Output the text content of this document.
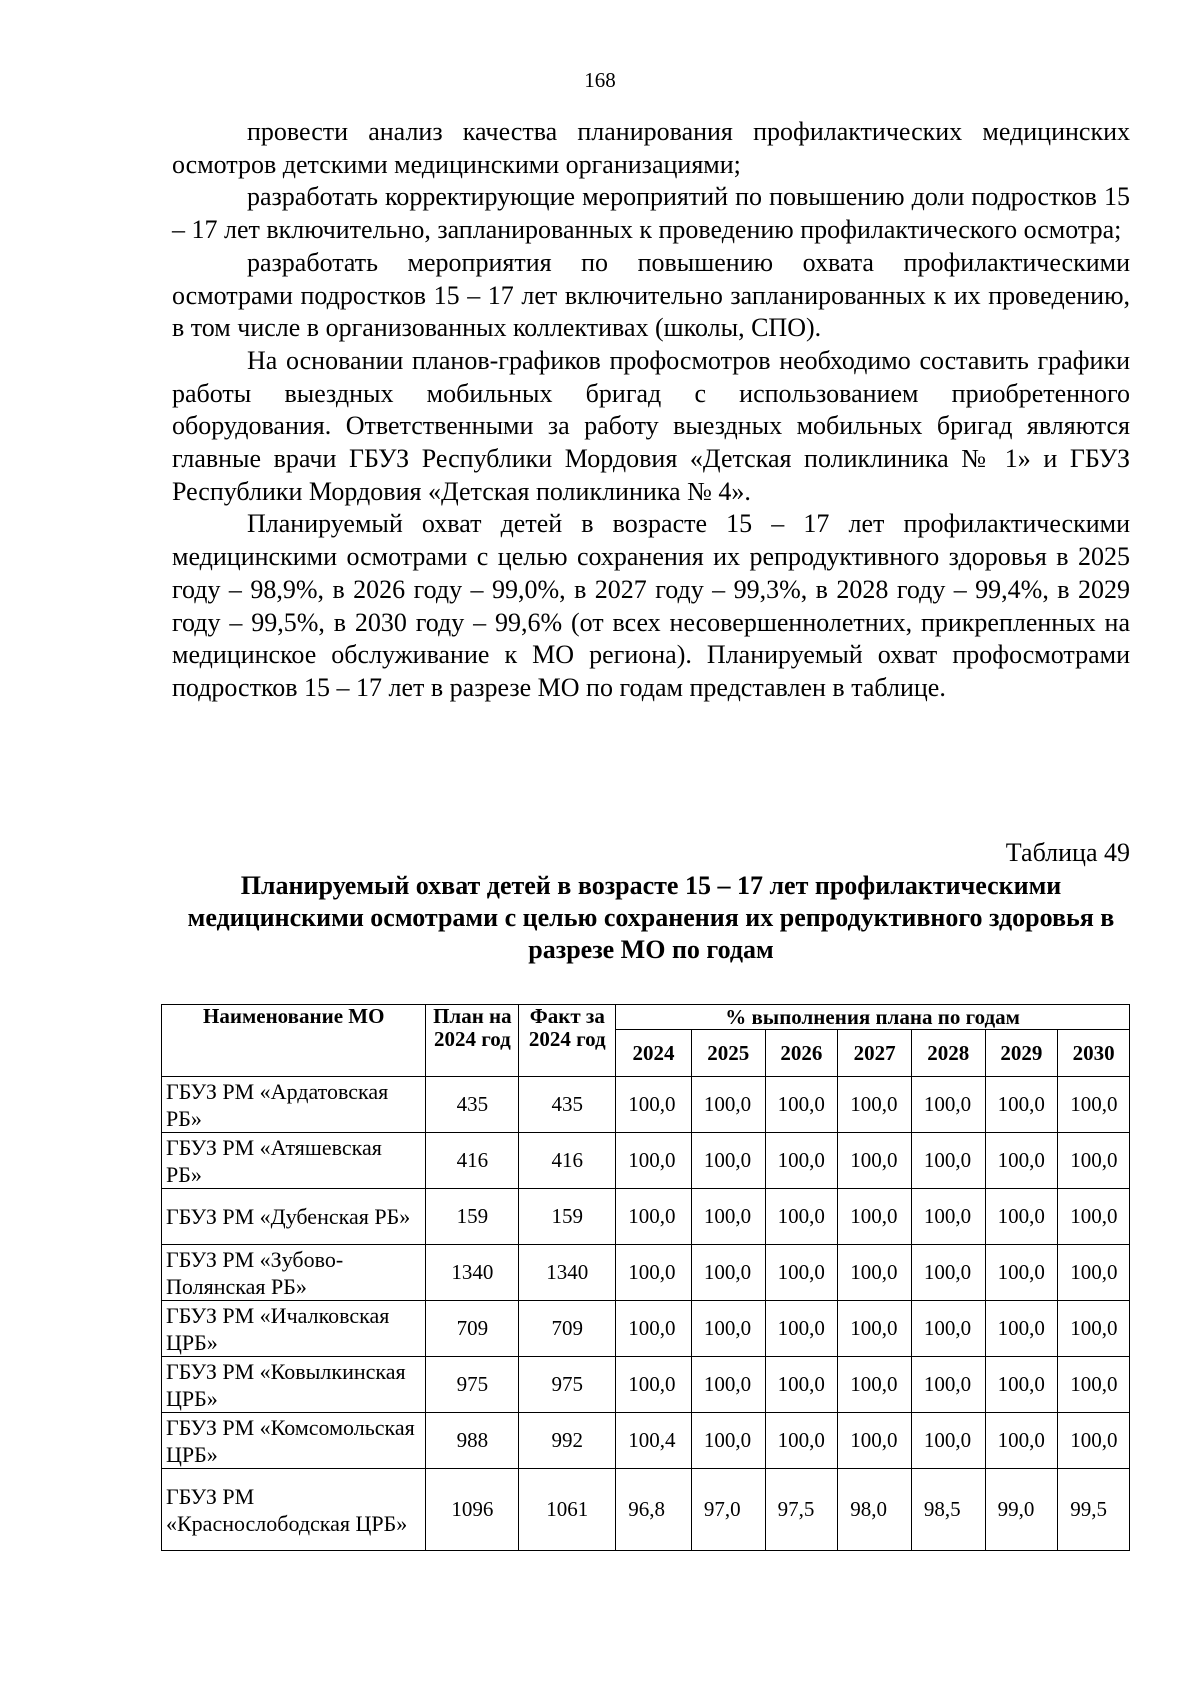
168

провести анализ качества планирования профилактических медицинских осмотров детскими медицинскими организациями;

разработать корректирующие мероприятий по повышению доли подростков 15 – 17 лет включительно, запланированных к проведению профилактического осмотра;

разработать мероприятия по повышению охвата профилактическими осмотрами подростков 15 – 17 лет включительно запланированных к их проведению, в том числе в организованных коллективах (школы, СПО).

На основании планов-графиков профосмотров необходимо составить графики работы выездных мобильных бригад с использованием приобретенного оборудования. Ответственными за работу выездных мобильных бригад являются главные врачи ГБУЗ Республики Мордовия «Детская поликлиника № 1» и ГБУЗ Республики Мордовия «Детская поликлиника № 4».

Планируемый охват детей в возрасте 15 – 17 лет профилактическими медицинскими осмотрами с целью сохранения их репродуктивного здоровья в 2025 году – 98,9%, в 2026 году – 99,0%, в 2027 году – 99,3%, в 2028 году – 99,4%, в 2029 году – 99,5%, в 2030 году – 99,6% (от всех несовершеннолетних, прикрепленных на медицинское обслуживание к МО региона). Планируемый охват профосмотрами подростков 15 – 17 лет в разрезе МО по годам представлен в таблице.

Таблица 49
Планируемый охват детей в возрасте 15 – 17 лет профилактическими медицинскими осмотрами с целью сохранения их репродуктивного здоровья в разрезе МО по годам
Наименование МО	План на 2024 год	Факт за 2024 год	% выполнения плана по годам						
			2024	2025	2026	2027	2028	2029	2030
ГБУЗ РМ «Ардатовская РБ»	435	435	100,0	100,0	100,0	100,0	100,0	100,0	100,0
ГБУЗ РМ «Атяшевская РБ»	416	416	100,0	100,0	100,0	100,0	100,0	100,0	100,0
ГБУЗ РМ «Дубенская РБ»	159	159	100,0	100,0	100,0	100,0	100,0	100,0	100,0
ГБУЗ РМ «Зубово-Полянская РБ»	1340	1340	100,0	100,0	100,0	100,0	100,0	100,0	100,0
ГБУЗ РМ «Ичалковская ЦРБ»	709	709	100,0	100,0	100,0	100,0	100,0	100,0	100,0
ГБУЗ РМ «Ковылкинская ЦРБ»	975	975	100,0	100,0	100,0	100,0	100,0	100,0	100,0
ГБУЗ РМ «Комсомольская ЦРБ»	988	992	100,4	100,0	100,0	100,0	100,0	100,0	100,0
ГБУЗ РМ «Краснослободская ЦРБ»	1096	1061	96,8	97,0	97,5	98,0	98,5	99,0	99,5
